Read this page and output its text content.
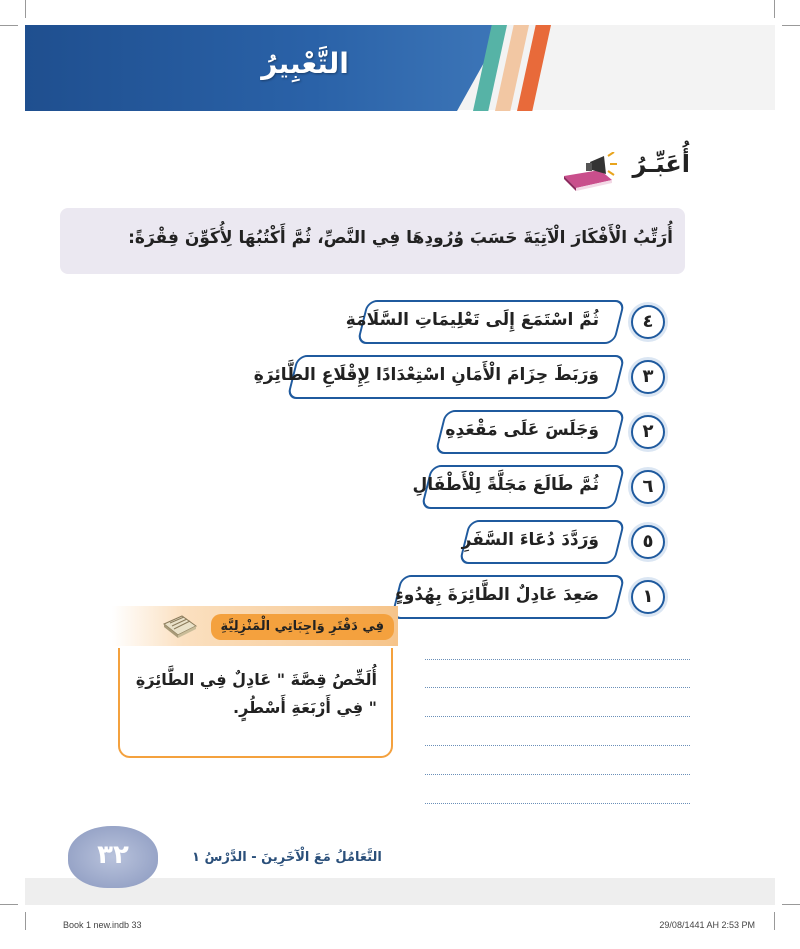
التَّعْبِيرُ
أُعَبِّـرُ
أُرَتِّبُ الْأَفْكَارَ الْآتِيَةَ حَسَبَ وُرُودِهَا فِي النَّصِّ، ثُمَّ أَكْتُبُهَا لِأُكَوِّنَ فِقْرَةً:
ثُمَّ اسْتَمَعَ إِلَى تَعْلِيمَاتِ السَّلَامَةِ	٤
وَرَبَطَ حِزَامَ الْأَمَانِ اسْتِعْدَادًا لِإِقْلَاعِ الطَّائِرَةِ	٣
وَجَلَسَ عَلَى مَقْعَدِهِ	٢
ثُمَّ طَالَعَ مَجَلَّةً لِلْأَطْفَالِ	٦
وَرَدَّدَ دُعَاءَ السَّفَرِ	٥
صَعِدَ عَادِلٌ الطَّائِرَةَ بِهُدُوءٍ	١
فِي دَفْتَرِ وَاجِبَاتِي الْمَنْزِلِيَّةِ
أُلَخِّصُ قِصَّةَ " عَادِلٌ فِي الطَّائِرَةِ " فِي أَرْبَعَةِ أَسْطُرٍ.
٣٢	التَّعَامُلُ مَعَ الْآخَرِينَ - الدَّرْسُ ١
Book 1 new.indb 33	29/08/1441 AH 2:53 PM
